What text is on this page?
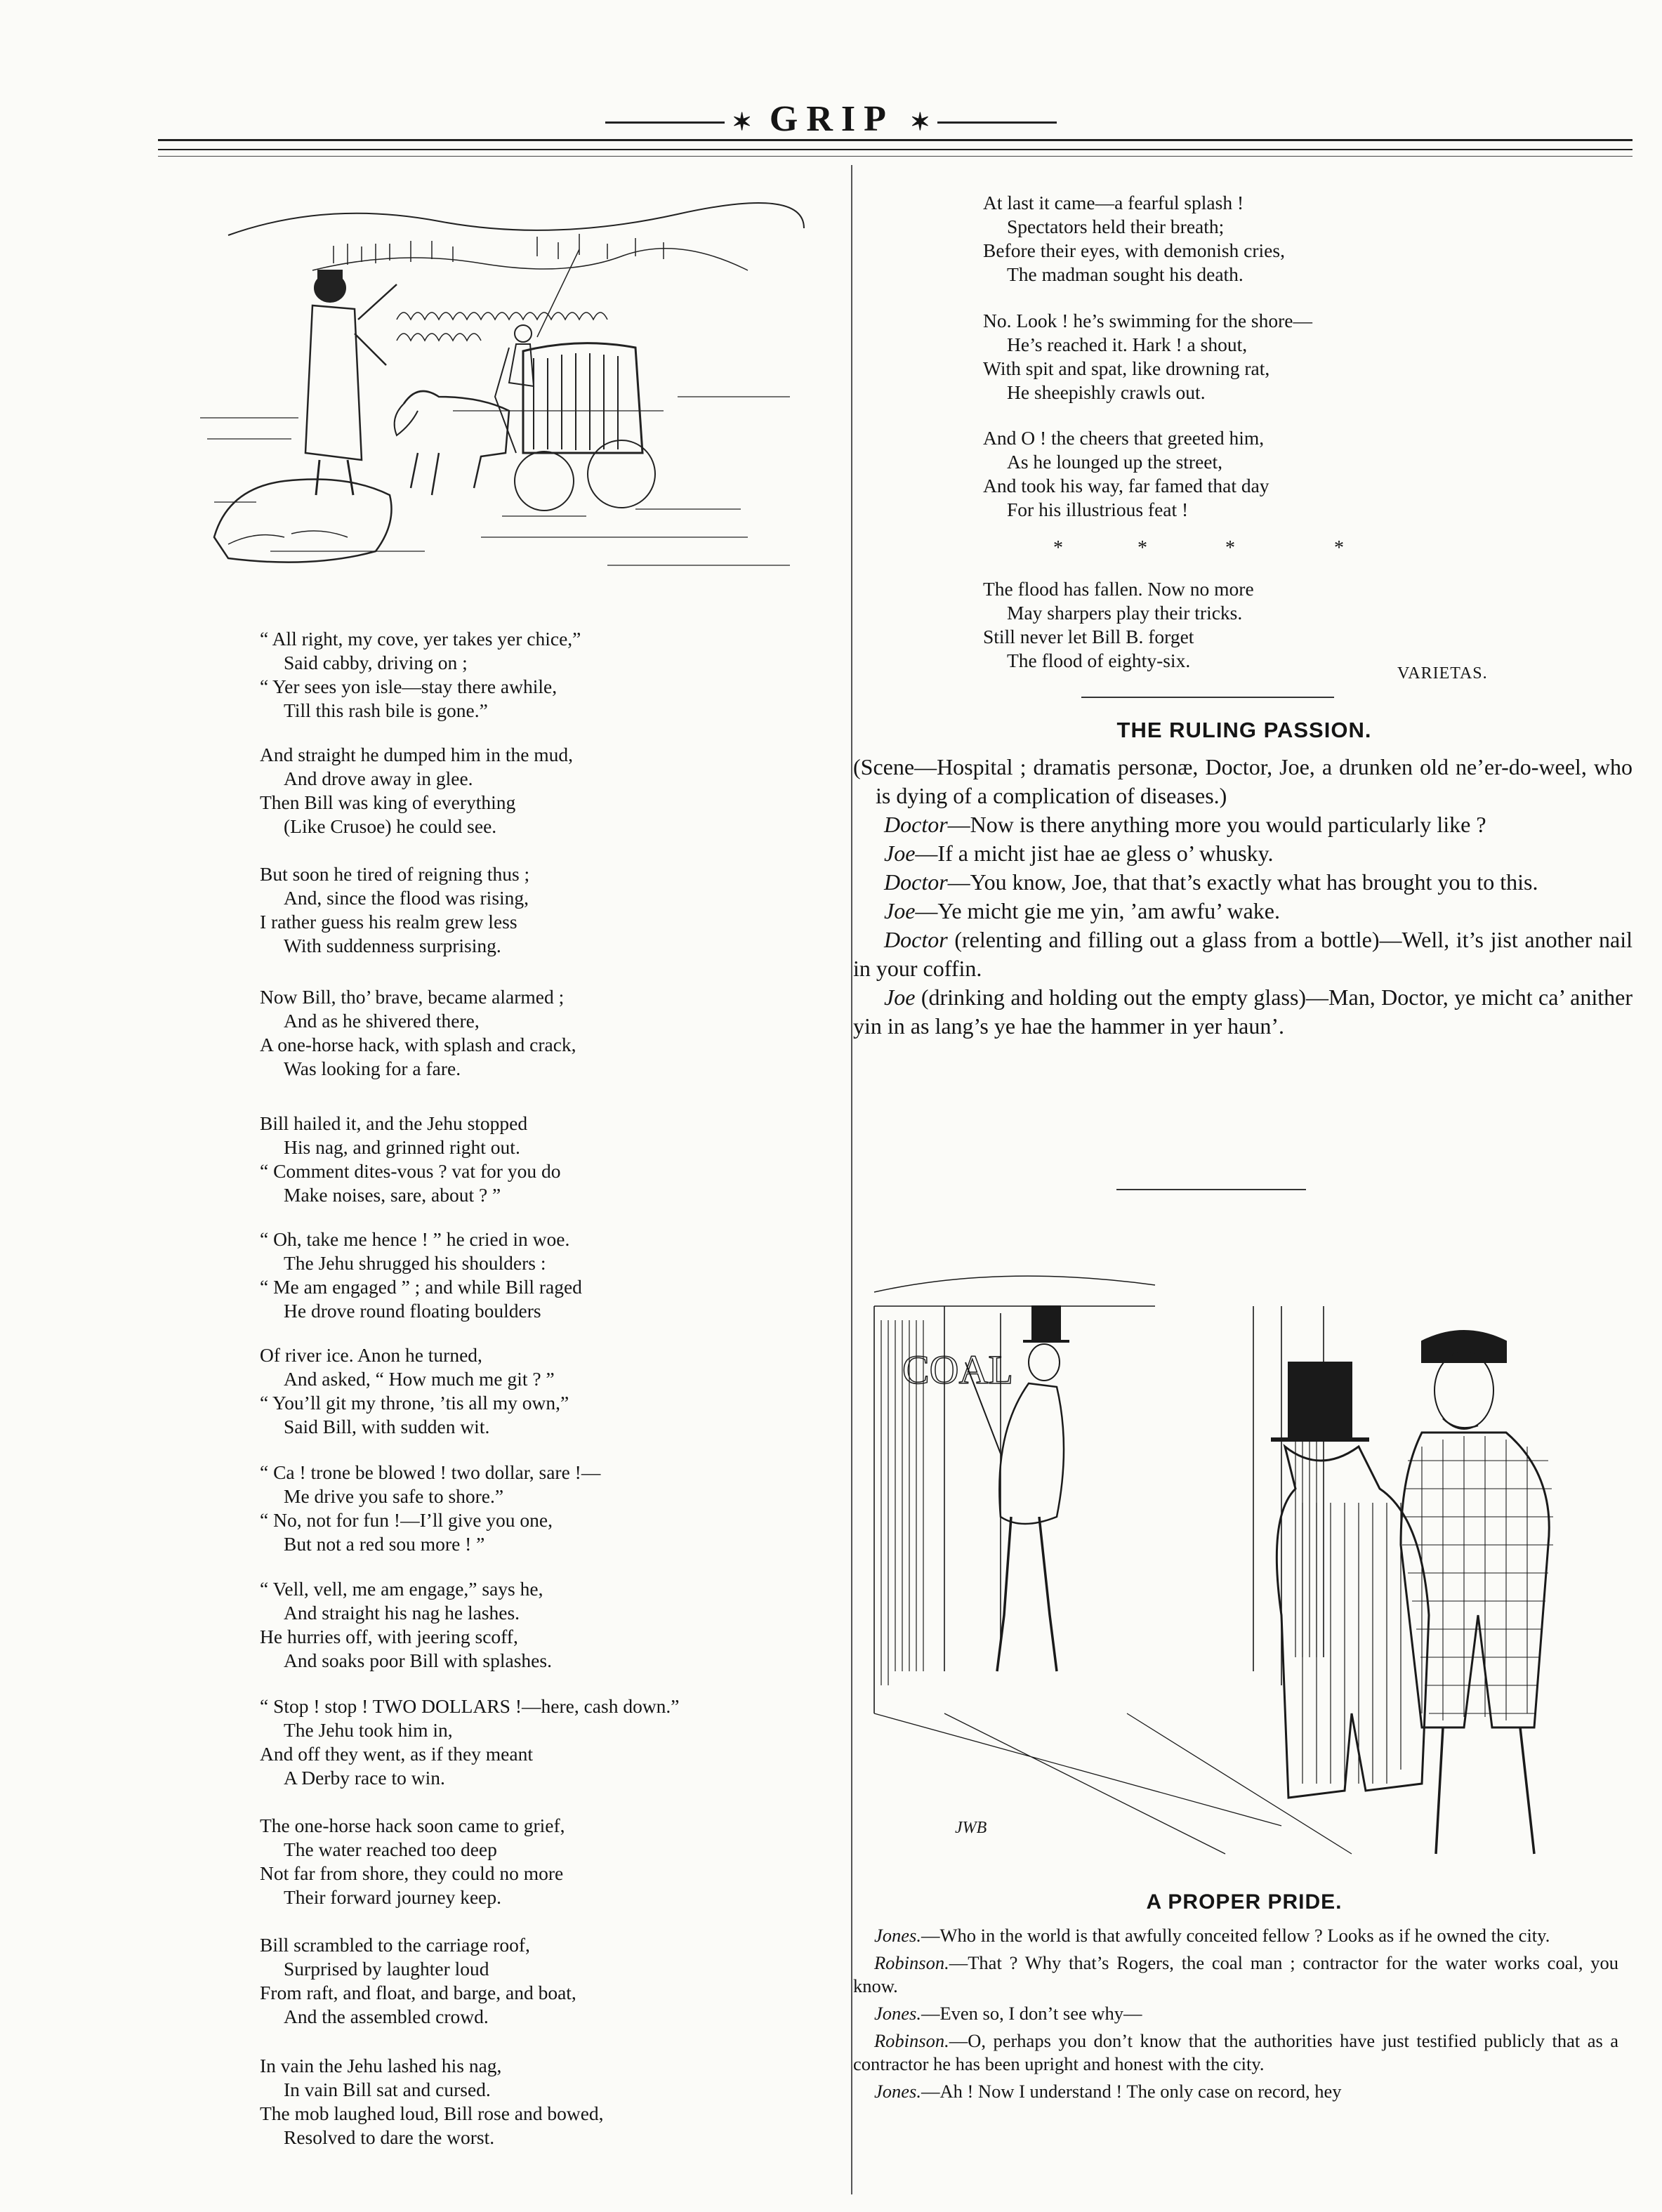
✶ GRIP ✶

“ All right, my cove, yer takes yer chice,”

Said cabby, driving on ;

“ Yer sees yon isle—stay there awhile,

Till this rash bile is gone.”

And straight he dumped him in the mud,

And drove away in glee.

Then Bill was king of everything

(Like Crusoe) he could see.

But soon he tired of reigning thus ;

And, since the flood was rising,

I rather guess his realm grew less

With suddenness surprising.

Now Bill, tho’ brave, became alarmed ;

And as he shivered there,

A one-horse hack, with splash and crack,

Was looking for a fare.

Bill hailed it, and the Jehu stopped

His nag, and grinned right out.

“ Comment dites-vous ? vat for you do

Make noises, sare, about ? ”

“ Oh, take me hence ! ” he cried in woe.

The Jehu shrugged his shoulders :

“ Me am engaged ” ; and while Bill raged

He drove round floating boulders

Of river ice. Anon he turned,

And asked, “ How much me git ? ”

“ You’ll git my throne, ’tis all my own,”

Said Bill, with sudden wit.

“ Ca ! trone be blowed ! two dollar, sare !—

Me drive you safe to shore.”

“ No, not for fun !—I’ll give you one,

But not a red sou more ! ”

“ Vell, vell, me am engage,” says he,

And straight his nag he lashes.

He hurries off, with jeering scoff,

And soaks poor Bill with splashes.

“ Stop ! stop ! TWO DOLLARS !—here, cash down.”

The Jehu took him in,

And off they went, as if they meant

A Derby race to win.

The one-horse hack soon came to grief,

The water reached too deep

Not far from shore, they could no more

Their forward journey keep.

Bill scrambled to the carriage roof,

Surprised by laughter loud

From raft, and float, and barge, and boat,

And the assembled crowd.

In vain the Jehu lashed his nag,

In vain Bill sat and cursed.

The mob laughed loud, Bill rose and bowed,

Resolved to dare the worst.

At last it came—a fearful splash !

Spectators held their breath;

Before their eyes, with demonish cries,

The madman sought his death.

No. Look ! he’s swimming for the shore—

He’s reached it. Hark ! a shout,

With spit and spat, like drowning rat,

He sheepishly crawls out.

And O ! the cheers that greeted him,

As he lounged up the street,

And took his way, far famed that day

For his illustrious feat !

The flood has fallen. Now no more

May sharpers play their tricks.

Still never let Bill B. forget

The flood of eighty-six.

*	*	*	*
VARIETAS.
THE RULING PASSION.

(Scene—Hospital ; dramatis personæ, Doctor, Joe, a drunken old ne’er-do-weel, who is dying of a complication of diseases.)

Doctor—Now is there anything more you would particularly like ?

Joe—If a micht jist hae ae gless o’ whusky.

Doctor—You know, Joe, that that’s exactly what has brought you to this.

Joe—Ye micht gie me yin, ’am awfu’ wake.

Doctor (relenting and filling out a glass from a bottle)—Well, it’s jist another nail in your coffin.

Joe (drinking and holding out the empty glass)—Man, Doctor, ye micht ca’ anither yin in as lang’s ye hae the hammer in yer haun’.

COAL
JWB
A PROPER PRIDE.

Jones.—Who in the world is that awfully conceited fellow ? Looks as if he owned the city.

Robinson.—That ? Why that’s Rogers, the coal man ; contractor for the water works coal, you know.

Jones.—Even so, I don’t see why—

Robinson.—O, perhaps you don’t know that the authorities have just testified publicly that as a contractor he has been upright and honest with the city.

Jones.—Ah ! Now I understand ! The only case on record, hey
